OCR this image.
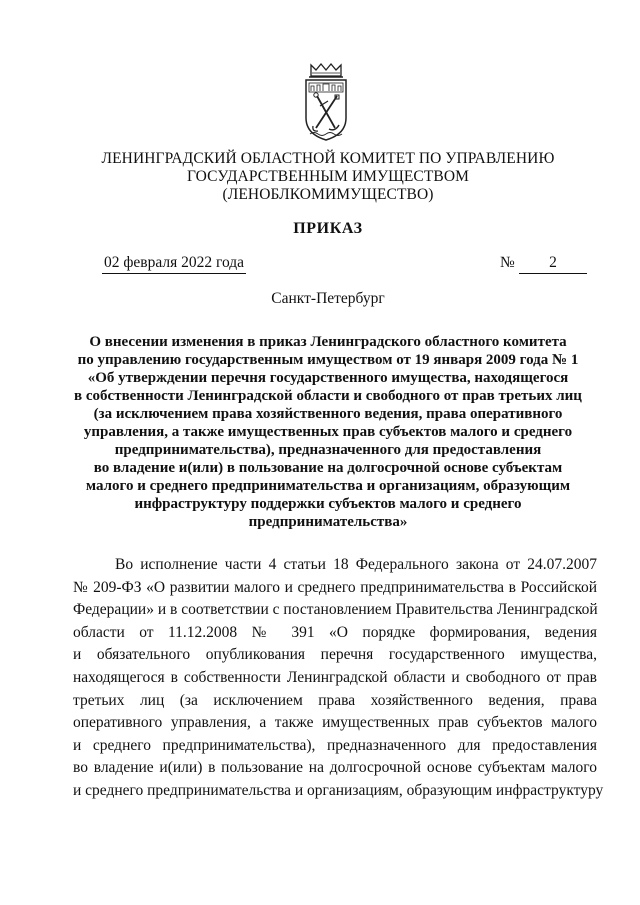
ЛЕНИНГРАДСКИЙ ОБЛАСТНОЙ КОМИТЕТ ПО УПРАВЛЕНИЮ
ГОСУДАРСТВЕННЫМ ИМУЩЕСТВОМ
(ЛЕНОБЛКОМИМУЩЕСТВО)
ПРИКАЗ
02 февраля 2022 года	№	2
Санкт-Петербург
О внесении изменения в приказ Ленинградского областного комитета
по управлению государственным имуществом от 19 января 2009 года № 1
«Об утверждении перечня государственного имущества, находящегося
в собственности Ленинградской области и свободного от прав третьих лиц
(за исключением права хозяйственного ведения, права оперативного
управления, а также имущественных прав субъектов малого и среднего
предпринимательства), предназначенного для предоставления
во владение и(или) в пользование на долгосрочной основе субъектам
малого и среднего предпринимательства и организациям, образующим
инфраструктуру поддержки субъектов малого и среднего
предпринимательства»
Во исполнение части 4 статьи 18 Федерального закона от 24.07.2007
№ 209-ФЗ «О развитии малого и среднего предпринимательства в Российской
Федерации» и в соответствии с постановлением Правительства Ленинградской
области от 11.12.2008 № 391 «О порядке формирования, ведения
и обязательного опубликования перечня государственного имущества,
находящегося в собственности Ленинградской области и свободного от прав
третьих лиц (за исключением права хозяйственного ведения, права
оперативного управления, а также имущественных прав субъектов малого
и среднего предпринимательства), предназначенного для предоставления
во владение и(или) в пользование на долгосрочной основе субъектам малого
и среднего предпринимательства и организациям, образующим инфраструктуру
